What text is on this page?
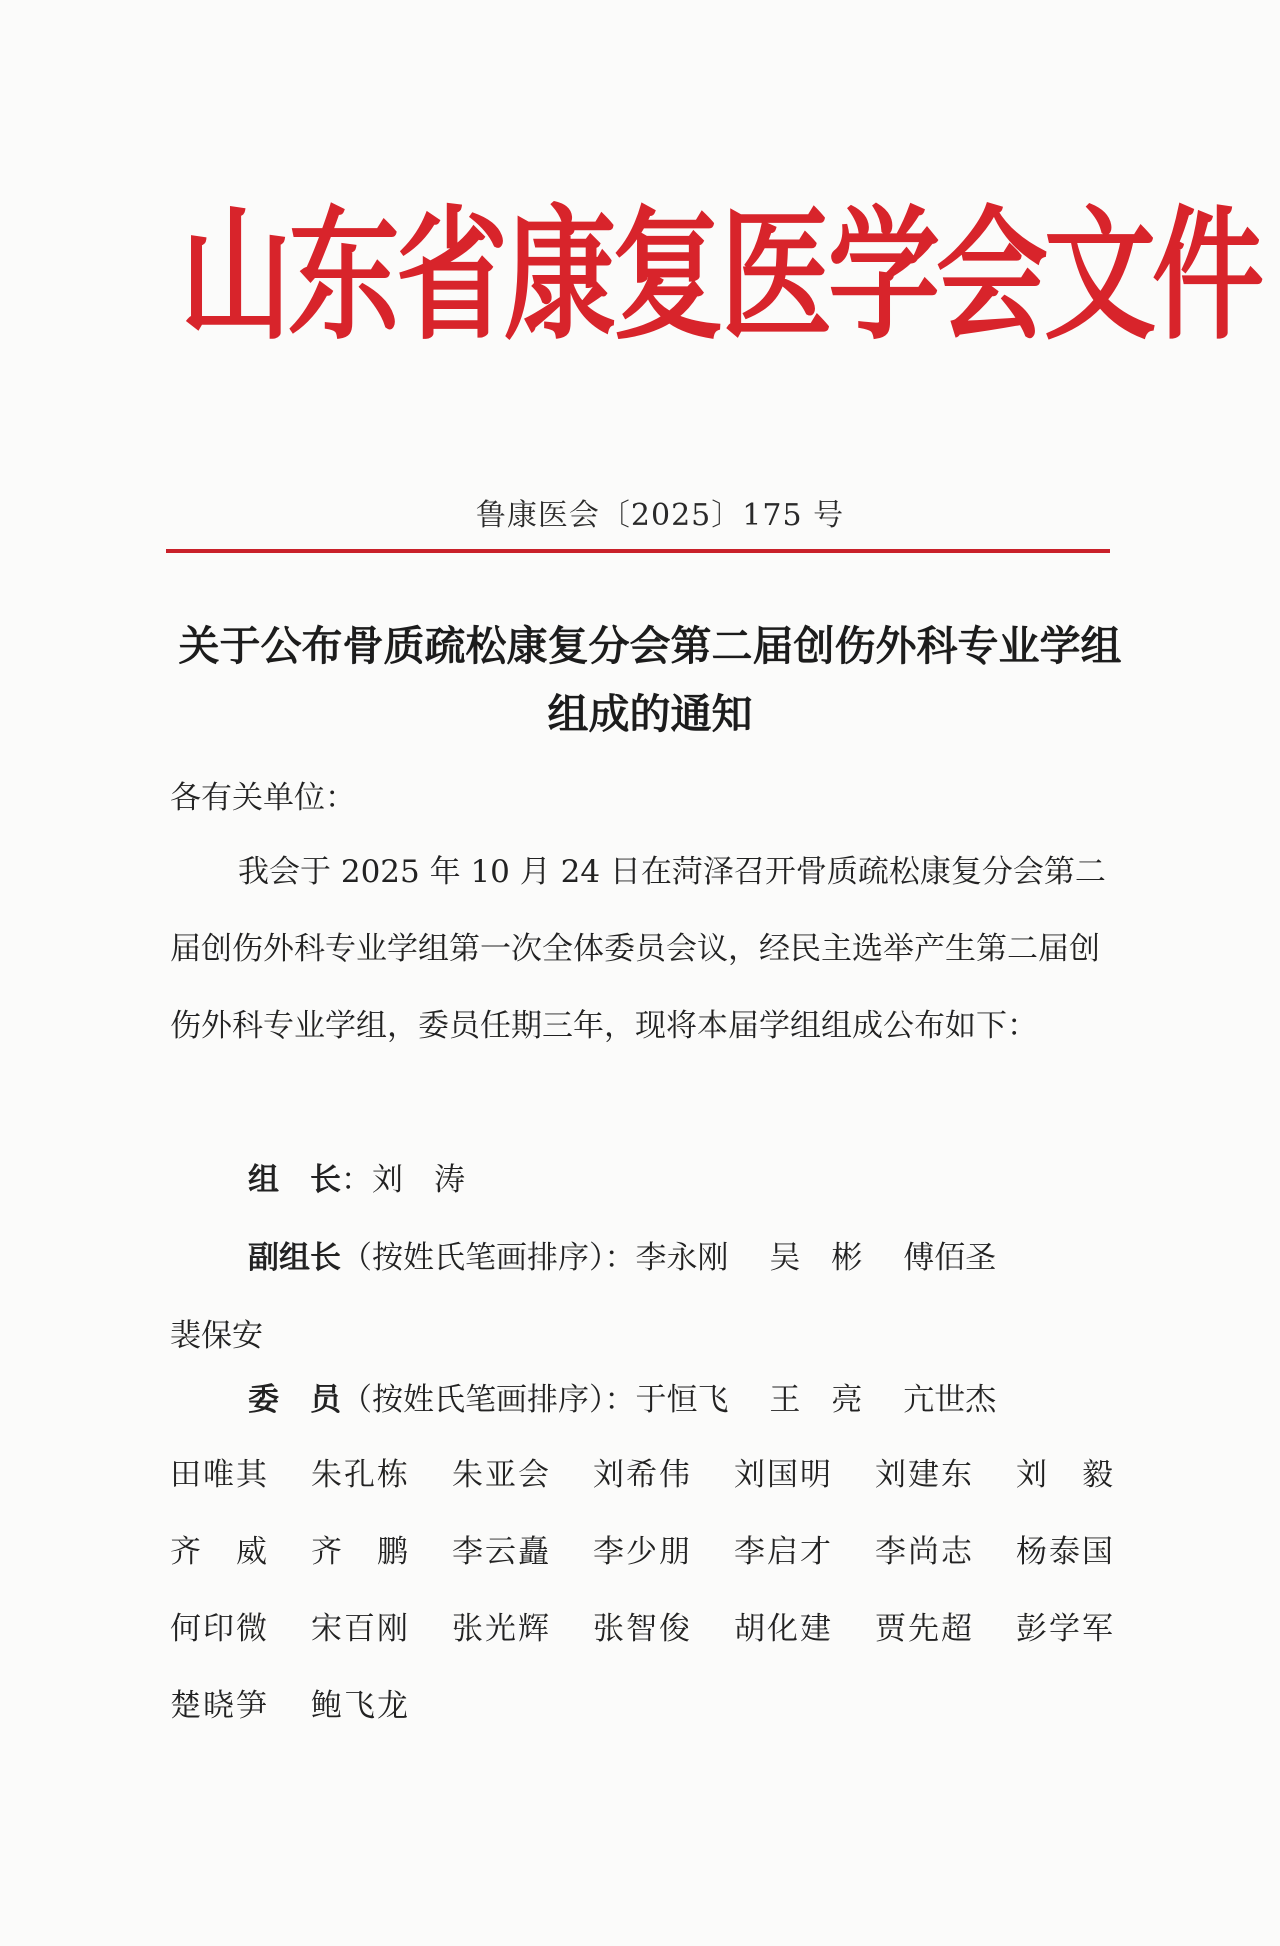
山东省康复医学会文件
鲁康医会〔2025〕175 号
关于公布骨质疏松康复分会第二届创伤外科专业学组
组成的通知
各有关单位：
我会于 2025 年 10 月 24 日在菏泽召开骨质疏松康复分会第二届创伤外科专业学组第一次全体委员会议，经民主选举产生第二届创伤外科专业学组，委员任期三年，现将本届学组组成公布如下：
组　长：刘　涛
副组长（按姓氏笔画排序）：李永刚　 吴　彬　 傅佰圣
裴保安
委　员（按姓氏笔画排序）：于恒飞　 王　亮　 亢世杰
田唯其	朱孔栋	朱亚会	刘希伟	刘国明	刘建东	刘　毅
齐　威	齐　鹏	李云矗	李少朋	李启才	李尚志	杨泰国
何印微	宋百刚	张光辉	张智俊	胡化建	贾先超	彭学军
楚晓笋	鲍飞龙
